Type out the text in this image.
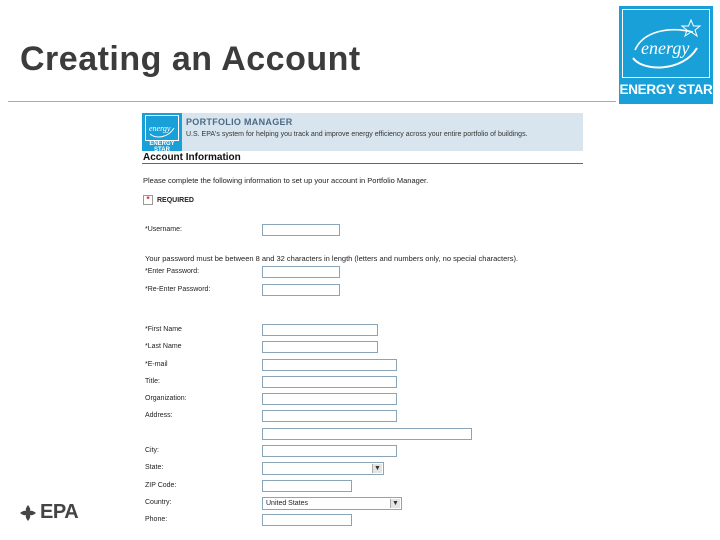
Creating an Account	energy
ENERGY STAR
EPA
energy
ENERGY STAR
PORTFOLIO MANAGER
U.S. EPA's system for helping you track and improve energy efficiency across your entire portfolio of buildings.
Account Information
Please complete the following information to set up your account in Portfolio Manager.
*	REQUIRED
*Username:
Your password must be between 8 and 32 characters in length (letters and numbers only, no special characters).
*Enter Password:
*Re-Enter Password:
*First Name
*Last Name
*E-mail
Title:
Organization:
Address:
City:
State:	▼
ZIP Code:
Country:	United States	▼
Phone:
